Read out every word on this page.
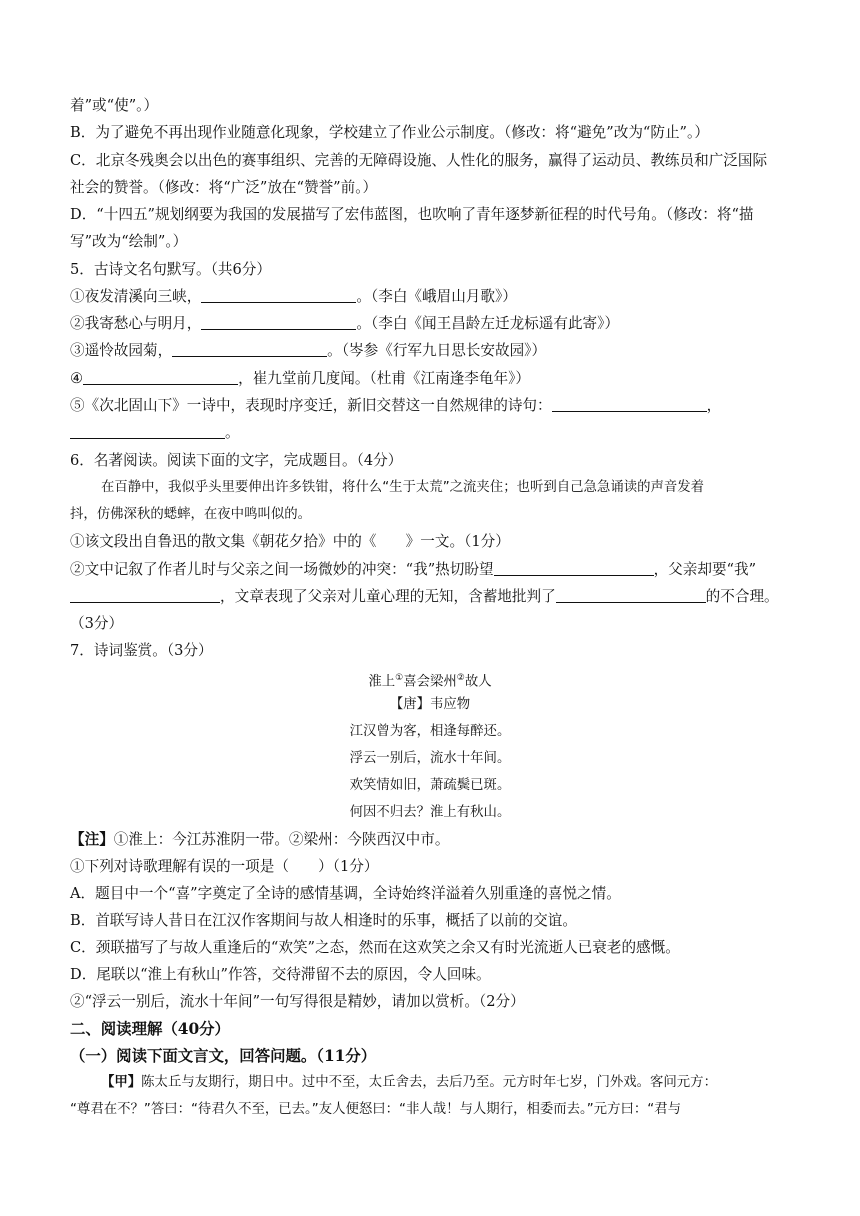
着”或“使”。）
B．为了避免不再出现作业随意化现象，学校建立了作业公示制度。（修改：将“避免”改为“防止”。）
C．北京冬残奥会以出色的赛事组织、完善的无障碍设施、人性化的服务，赢得了运动员、教练员和广泛国际
社会的赞誉。（修改：将“广泛”放在“赞誉”前。）
D．“十四五”规划纲要为我国的发展描写了宏伟蓝图，也吹响了青年逐梦新征程的时代号角。（修改：将“描
写”改为“绘制”。）
5．古诗文名句默写。（共6分）
①夜发清溪向三峡，	。（李白《峨眉山月歌》）
②我寄愁心与明月，	。（李白《闻王昌龄左迁龙标遥有此寄》）
③遥怜故园菊，	。（岑参《行军九日思长安故园》）
④	，崔九堂前几度闻。（杜甫《江南逢李龟年》）
⑤《次北固山下》一诗中，表现时序变迁，新旧交替这一自然规律的诗句：	，
。
6．名著阅读。阅读下面的文字，完成题目。（4分）
在百静中，我似乎头里要伸出许多铁钳，将什么“生于太荒”之流夹住；也听到自己急急诵读的声音发着
抖，仿佛深秋的蟋蟀，在夜中鸣叫似的。
①该文段出自鲁迅的散文集《朝花夕拾》中的《　　》一文。（1分）
②文中记叙了作者儿时与父亲之间一场微妙的冲突：“我”热切盼望	，父亲却要“我”
，文章表现了父亲对儿童心理的无知，含蓄地批判了	的不合理。
（3分）
7．诗词鉴赏。（3分）
淮上①喜会梁州②故人
【唐】韦应物
江汉曾为客，相逢每醉还。
浮云一别后，流水十年间。
欢笑情如旧，萧疏鬓已斑。
何因不归去？淮上有秋山。
【注】①淮上：今江苏淮阴一带。②梁州：今陕西汉中市。
①下列对诗歌理解有误的一项是（　　）（1分）
A．题目中一个“喜”字奠定了全诗的感情基调，全诗始终洋溢着久别重逢的喜悦之情。
B．首联写诗人昔日在江汉作客期间与故人相逢时的乐事，概括了以前的交谊。
C．颈联描写了与故人重逢后的“欢笑”之态，然而在这欢笑之余又有时光流逝人已衰老的感慨。
D．尾联以“淮上有秋山”作答，交待滞留不去的原因，令人回味。
②“浮云一别后，流水十年间”一句写得很是精妙，请加以赏析。（2分）
二、阅读理解（40分）
（一）阅读下面文言文，回答问题。（11分）
【甲】陈太丘与友期行，期日中。过中不至，太丘舍去，去后乃至。元方时年七岁，门外戏。客问元方：
“尊君在不？”答曰：“待君久不至，已去。”友人便怒曰：“非人哉！与人期行，相委而去。”元方曰：“君与
